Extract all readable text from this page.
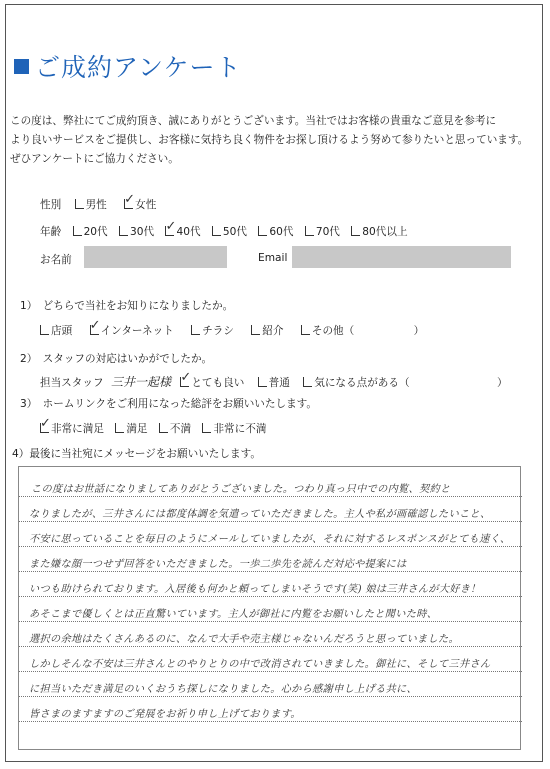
ご成約アンケート
この度は、弊社にてご成約頂き、誠にありがとうございます。当社ではお客様の貴重なご意見を参考に
より良いサービスをご提供し、お客様に気持ち良く物件をお探し頂けるよう努めて参りたいと思っています。
ぜひアンケートにご協力ください。
性別 男性 ✓ 女性
年齢 20代 30代 ✓ 40代 50代 60代 70代 80代以上
お名前	Email
1）　どちらで当社をお知りになりましたか。
店頭 ✓ インターネット	チラシ	紹介	その他（	）
2）　スタッフの対応はいかがでしたか。
担当スタッフ 三井一起様 ✓ とても良い 普通 気になる点がある（	）
3）　ホームリンクをご利用になった総評をお願いいたします。
✓ 非常に満足 満足 不満 非常に不満
4）最後に当社宛にメッセージをお願いいたします。
この度はお世話になりましてありがとうございました。つわり真っ只中での内覧、契約と
なりましたが、三井さんには都度体調を気遣っていただきました。主人や私が画確認したいこと、
不安に思っていることを毎日のようにメールしていましたが、それに対するレスポンスがとても速く、
また嫌な顔一つせず回答をいただきました。一歩二歩先を読んだ対応や提案には
いつも助けられております。入居後も何かと頼ってしまいそうです(笑) 娘は三井さんが大好き！
あそこまで優しくとは正直驚いています。主人が御社に内覧をお願いしたと聞いた時、
選択の余地はたくさんあるのに、なんで大手や売主様じゃないんだろうと思っていました。
しかしそんな不安は三井さんとのやりとりの中で改消されていきました。御社に、そして三井さん
に担当いただき満足のいくおうち探しになりました。心から感謝申し上げる共に、
皆さまのますますのご発展をお祈り申し上げております。
